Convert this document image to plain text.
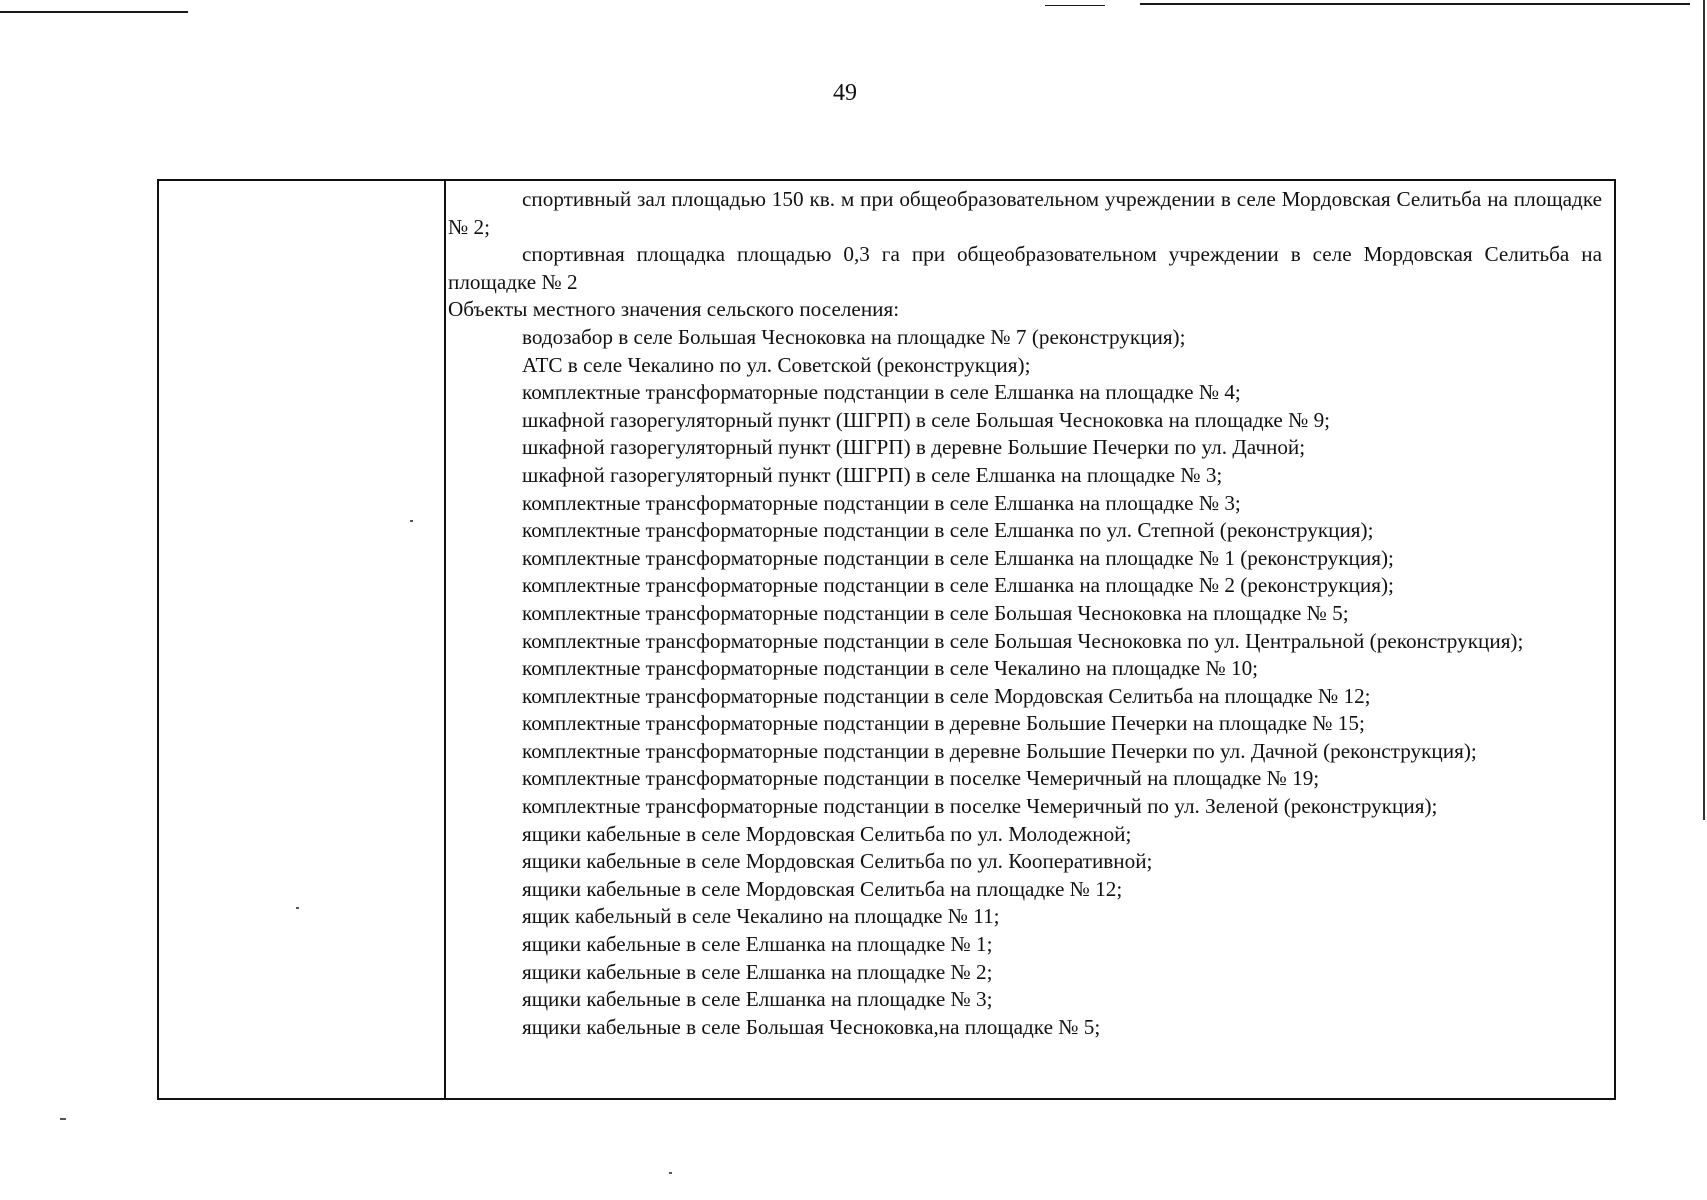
49

спортивный зал площадью 150 кв. м при общеобразовательном учреждении в селе Мордовская Селитьба на площадке № 2;

спортивная площадка площадью 0,3 га при общеобразовательном учреждении в селе Мордовская Селитьба на площадке № 2

Объекты местного значения сельского поселения:

водозабор в селе Большая Чесноковка на площадке № 7 (реконструкция);

АТС в селе Чекалино по ул. Советской (реконструкция);

комплектные трансформаторные подстанции в селе Елшанка на площадке № 4;

шкафной газорегуляторный пункт (ШГРП) в селе Большая Чесноковка на площадке № 9;

шкафной газорегуляторный пункт (ШГРП) в деревне Большие Печерки по ул. Дачной;

шкафной газорегуляторный пункт (ШГРП) в селе Елшанка на площадке № 3;

комплектные трансформаторные подстанции в селе Елшанка на площадке № 3;

комплектные трансформаторные подстанции в селе Елшанка по ул. Степной (реконструкция);

комплектные трансформаторные подстанции в селе Елшанка на площадке № 1 (реконструкция);

комплектные трансформаторные подстанции в селе Елшанка на площадке № 2 (реконструкция);

комплектные трансформаторные подстанции в селе Большая Чесноковка на площадке № 5;

комплектные трансформаторные подстанции в селе Большая Чесноковка по ул. Центральной (реконструкция);

комплектные трансформаторные подстанции в селе Чекалино на площадке № 10;

комплектные трансформаторные подстанции в селе Мордовская Селитьба на площадке № 12;

комплектные трансформаторные подстанции в деревне Большие Печерки на площадке № 15;

комплектные трансформаторные подстанции в деревне Большие Печерки по ул. Дачной (реконструкция);

комплектные трансформаторные подстанции в поселке Чемеричный на площадке № 19;

комплектные трансформаторные подстанции в поселке Чемеричный по ул. Зеленой (реконструкция);

ящики кабельные в селе Мордовская Селитьба по ул. Молодежной;

ящики кабельные в селе Мордовская Селитьба по ул. Кооперативной;

ящики кабельные в селе Мордовская Селитьба на площадке № 12;

ящик кабельный в селе Чекалино на площадке № 11;

ящики кабельные в селе Елшанка на площадке № 1;

ящики кабельные в селе Елшанка на площадке № 2;

ящики кабельные в селе Елшанка на площадке № 3;

ящики кабельные в селе Большая Чесноковка,на площадке № 5;
